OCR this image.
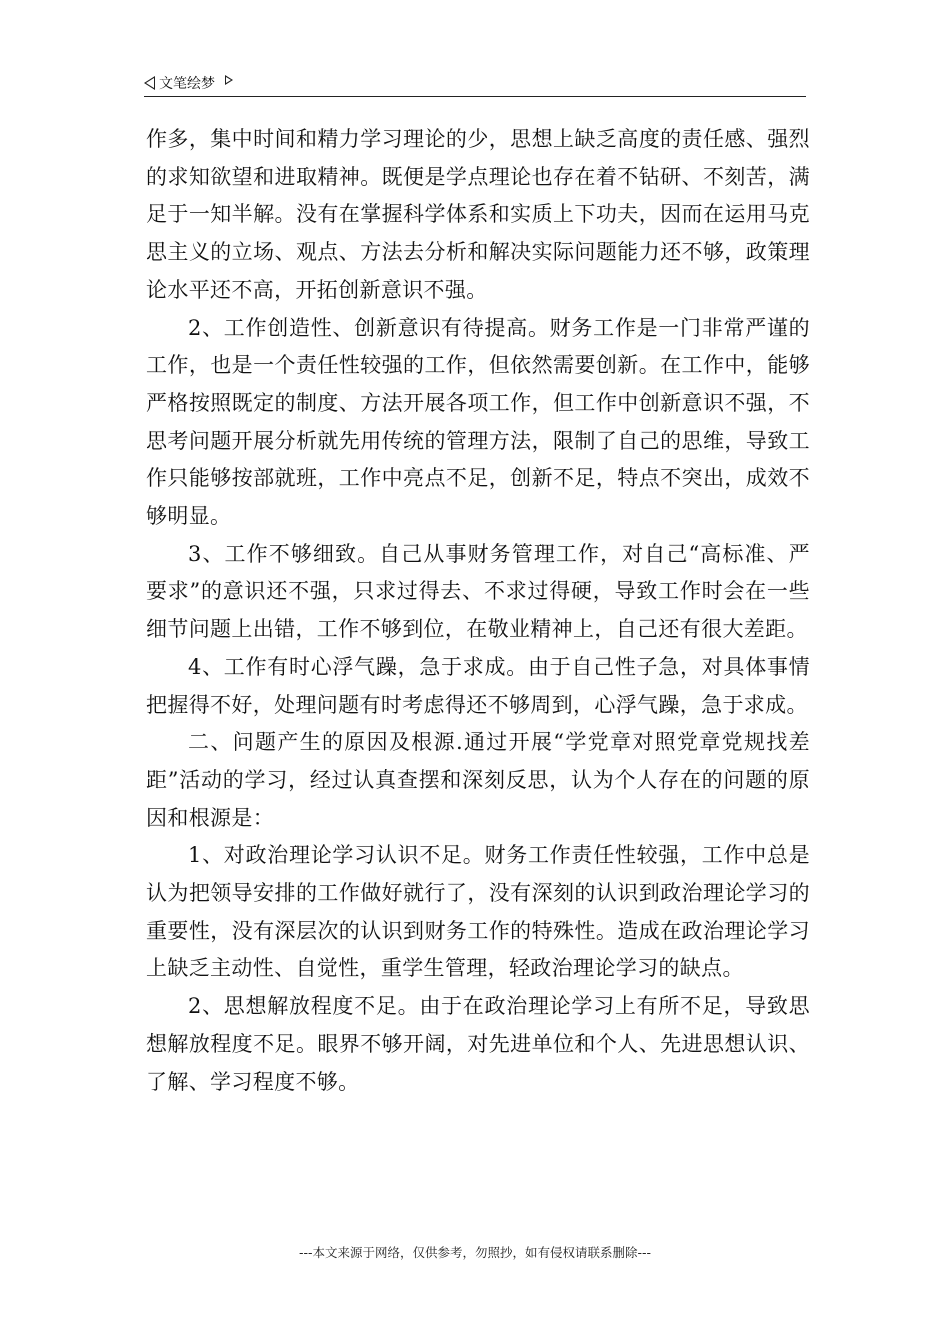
文笔绘梦

作多，集中时间和精力学习理论的少，思想上缺乏高度的责任感、强烈的求知欲望和进取精神。既便是学点理论也存在着不钻研、不刻苦，满足于一知半解。没有在掌握科学体系和实质上下功夫，因而在运用马克思主义的立场、观点、方法去分析和解决实际问题能力还不够，政策理论水平还不高，开拓创新意识不强。

2、工作创造性、创新意识有待提高。财务工作是一门非常严谨的工作，也是一个责任性较强的工作，但依然需要创新。在工作中，能够严格按照既定的制度、方法开展各项工作，但工作中创新意识不强，不思考问题开展分析就先用传统的管理方法，限制了自己的思维，导致工作只能够按部就班，工作中亮点不足，创新不足，特点不突出，成效不够明显。

3、工作不够细致。自己从事财务管理工作，对自己“高标准、严要求”的意识还不强，只求过得去、不求过得硬，导致工作时会在一些细节问题上出错，工作不够到位，在敬业精神上，自己还有很大差距。

4、工作有时心浮气躁，急于求成。由于自己性子急，对具体事情把握得不好，处理问题有时考虑得还不够周到，心浮气躁，急于求成。

二、问题产生的原因及根源.通过开展“学党章对照党章党规找差距”活动的学习，经过认真查摆和深刻反思，认为个人存在的问题的原因和根源是：

1、对政治理论学习认识不足。财务工作责任性较强，工作中总是认为把领导安排的工作做好就行了，没有深刻的认识到政治理论学习的重要性，没有深层次的认识到财务工作的特殊性。造成在政治理论学习上缺乏主动性、自觉性，重学生管理，轻政治理论学习的缺点。

2、思想解放程度不足。由于在政治理论学习上有所不足，导致思想解放程度不足。眼界不够开阔，对先进单位和个人、先进思想认识、了解、学习程度不够。

---本文来源于网络，仅供参考，勿照抄，如有侵权请联系删除---
